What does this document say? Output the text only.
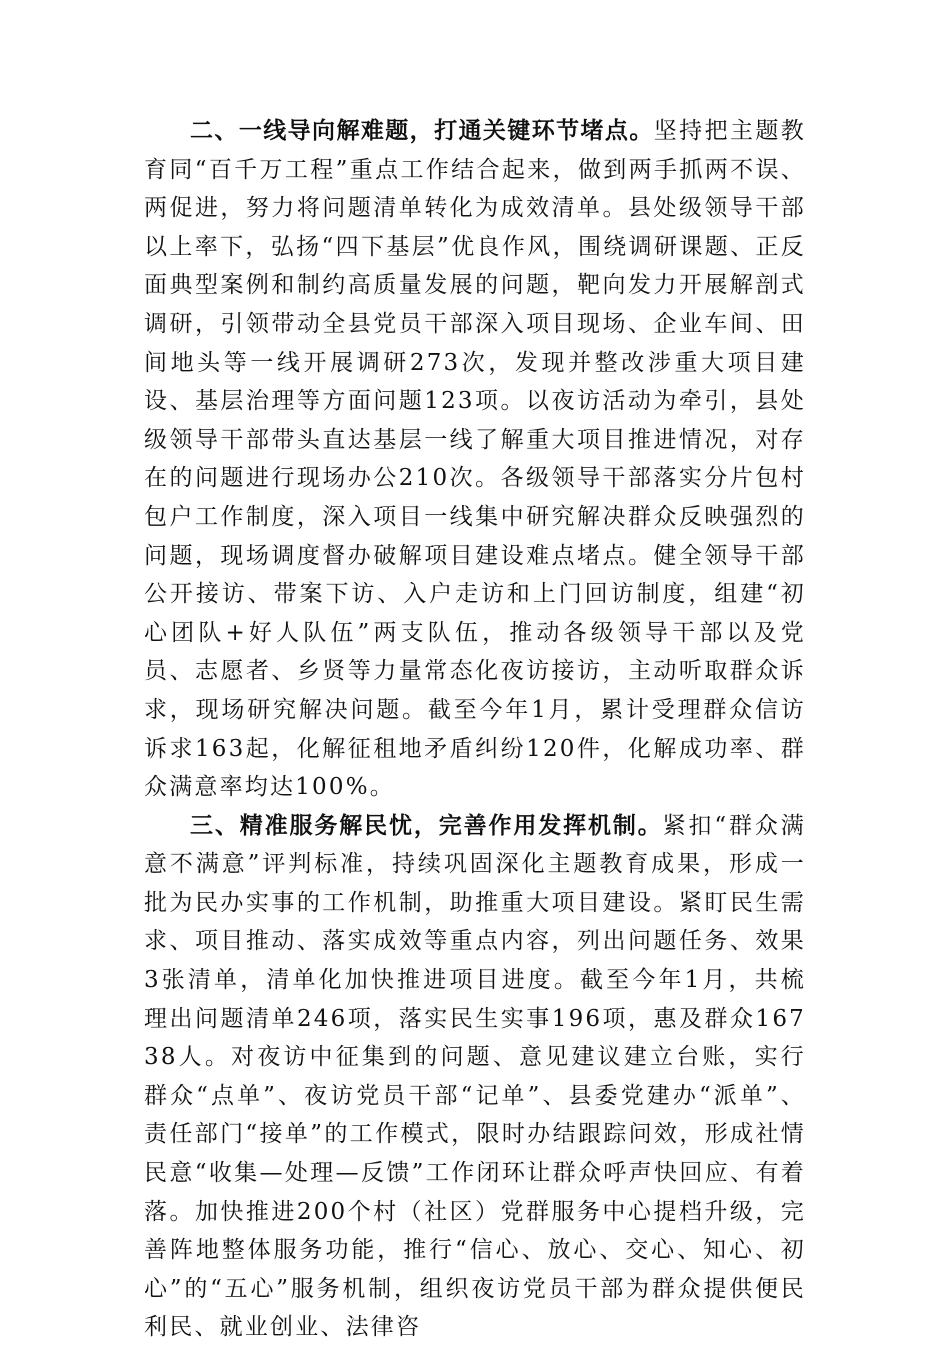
二、一线导向解难题，打通关键环节堵点。坚持把主题教育同“百千万工程”重点工作结合起来，做到两手抓两不误、两促进，努力将问题清单转化为成效清单。县处级领导干部以上率下，弘扬“四下基层”优良作风，围绕调研课题、正反面典型案例和制约高质量发展的问题，靶向发力开展解剖式调研，引领带动全县党员干部深入项目现场、企业车间、田间地头等一线开展调研273次，发现并整改涉重大项目建设、基层治理等方面问题123项。以夜访活动为牵引，县处级领导干部带头直达基层一线了解重大项目推进情况，对存在的问题进行现场办公210次。各级领导干部落实分片包村包户工作制度，深入项目一线集中研究解决群众反映强烈的问题，现场调度督办破解项目建设难点堵点。健全领导干部公开接访、带案下访、入户走访和上门回访制度，组建“初心团队+好人队伍”两支队伍，推动各级领导干部以及党员、志愿者、乡贤等力量常态化夜访接访，主动听取群众诉求，现场研究解决问题。截至今年1月，累计受理群众信访诉求163起，化解征租地矛盾纠纷120件，化解成功率、群众满意率均达100%。

三、精准服务解民忧，完善作用发挥机制。紧扣“群众满意不满意”评判标准，持续巩固深化主题教育成果，形成一批为民办实事的工作机制，助推重大项目建设。紧盯民生需求、项目推动、落实成效等重点内容，列出问题任务、效果3张清单，清单化加快推进项目进度。截至今年1月，共梳理出问题清单246项，落实民生实事196项，惠及群众16738人。对夜访中征集到的问题、意见建议建立台账，实行群众“点单”、夜访党员干部“记单”、县委党建办“派单”、责任部门“接单”的工作模式，限时办结跟踪问效，形成社情民意“收集—处理—反馈”工作闭环让群众呼声快回应、有着落。加快推进200个村（社区）党群服务中心提档升级，完善阵地整体服务功能，推行“信心、放心、交心、知心、初心”的“五心”服务机制，组织夜访党员干部为群众提供便民利民、就业创业、法律咨
